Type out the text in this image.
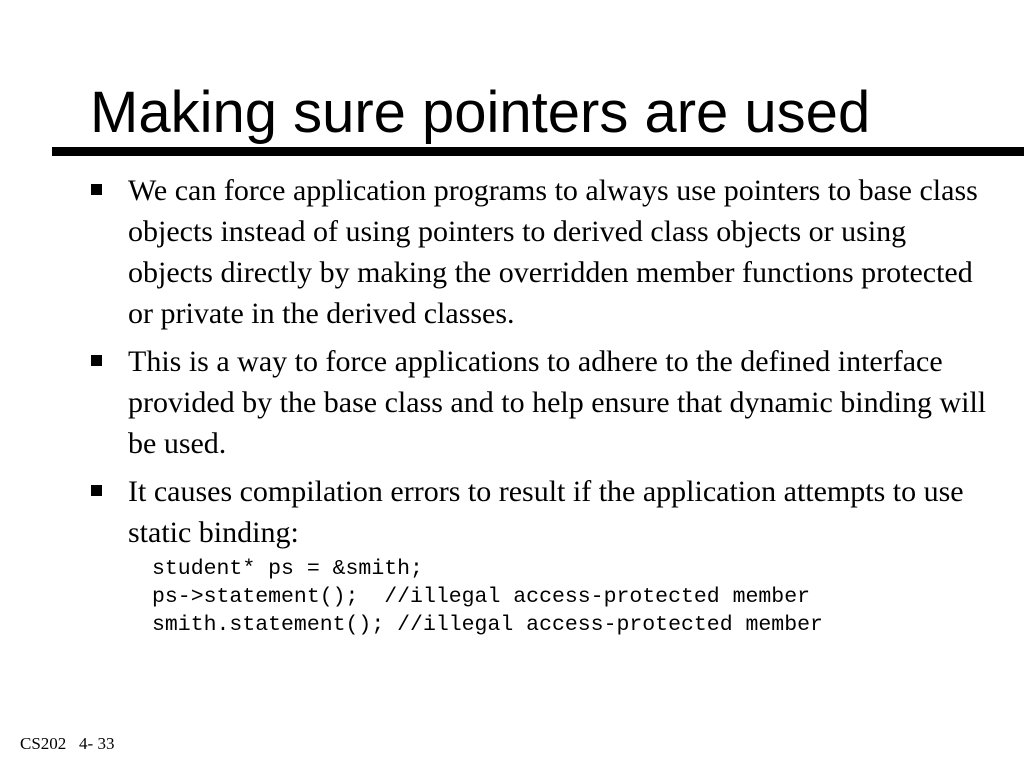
Making sure pointers are used
We can force application programs to always use pointers to base class objects instead of using pointers to derived class objects or using objects directly by making the overridden member functions protected or private in the derived classes.
This is a way to force applications to adhere to the defined interface provided by the base class and to help ensure that dynamic binding will be used.
It causes compilation errors to result if the application attempts to use static binding:
student* ps = &smith;
ps->statement();  //illegal access-protected member
smith.statement(); //illegal access-protected member
CS202 4- 33
